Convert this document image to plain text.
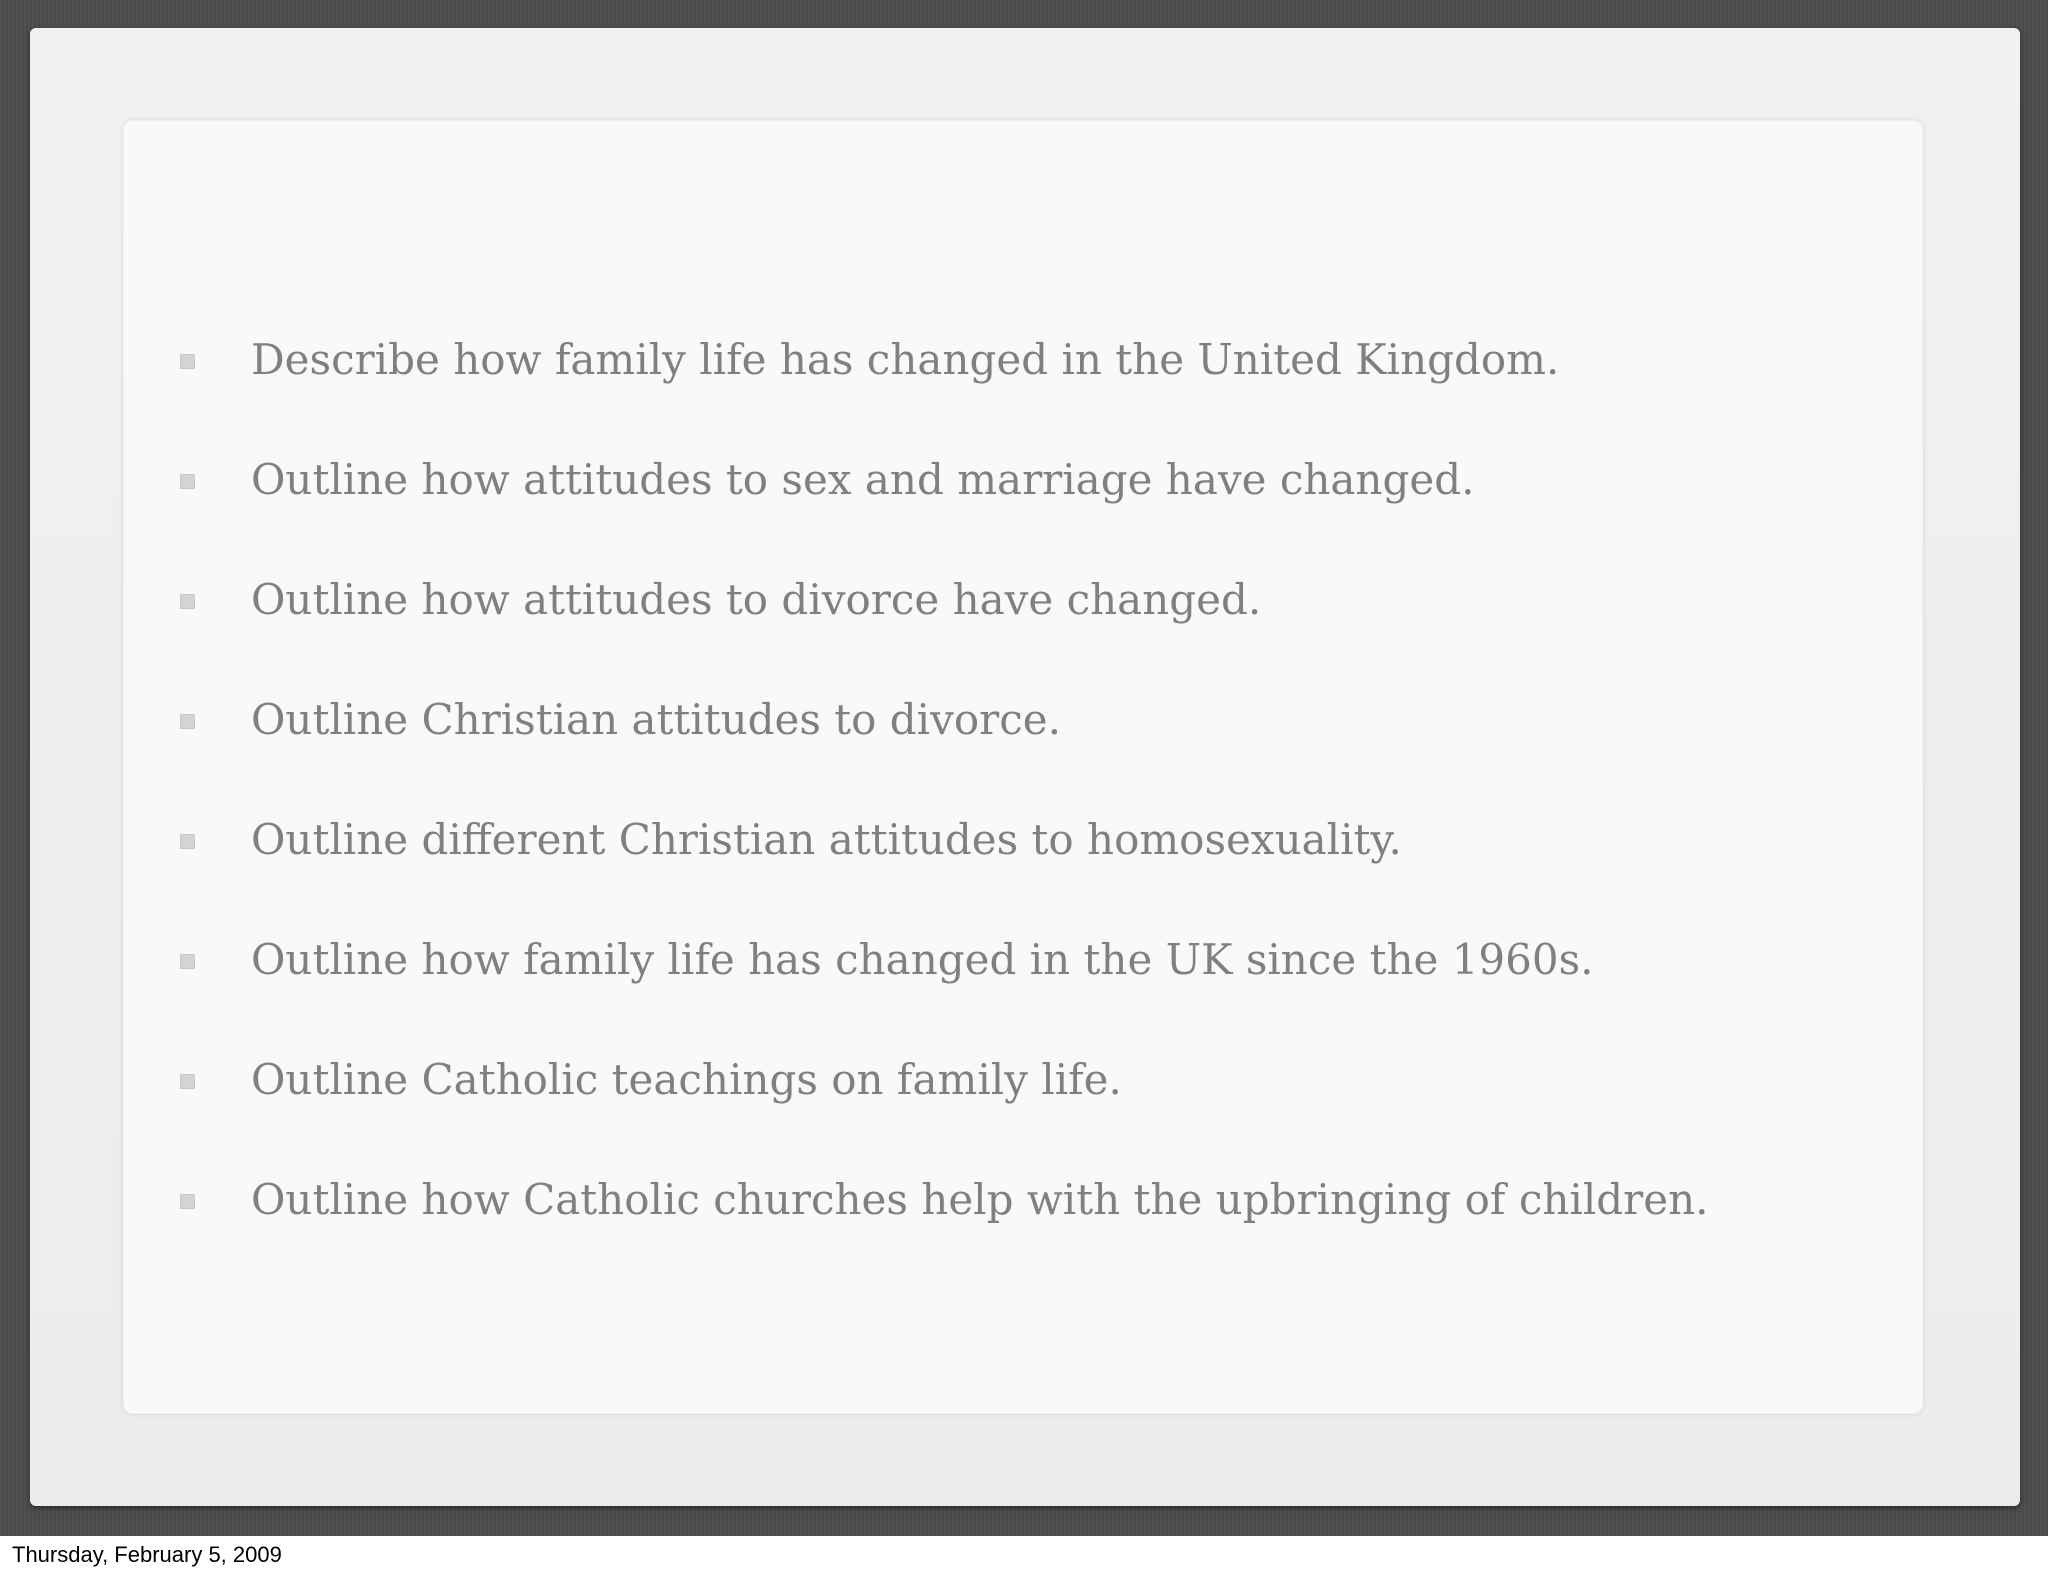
Describe how family life has changed in the United Kingdom.
Outline how attitudes to sex and marriage have changed.
Outline how attitudes to divorce have changed.
Outline Christian attitudes to divorce.
Outline different Christian attitudes to homosexuality.
Outline how family life has changed in the UK since the 1960s.
Outline Catholic teachings on family life.
Outline how Catholic churches help with the upbringing of children.
Thursday, February 5, 2009
